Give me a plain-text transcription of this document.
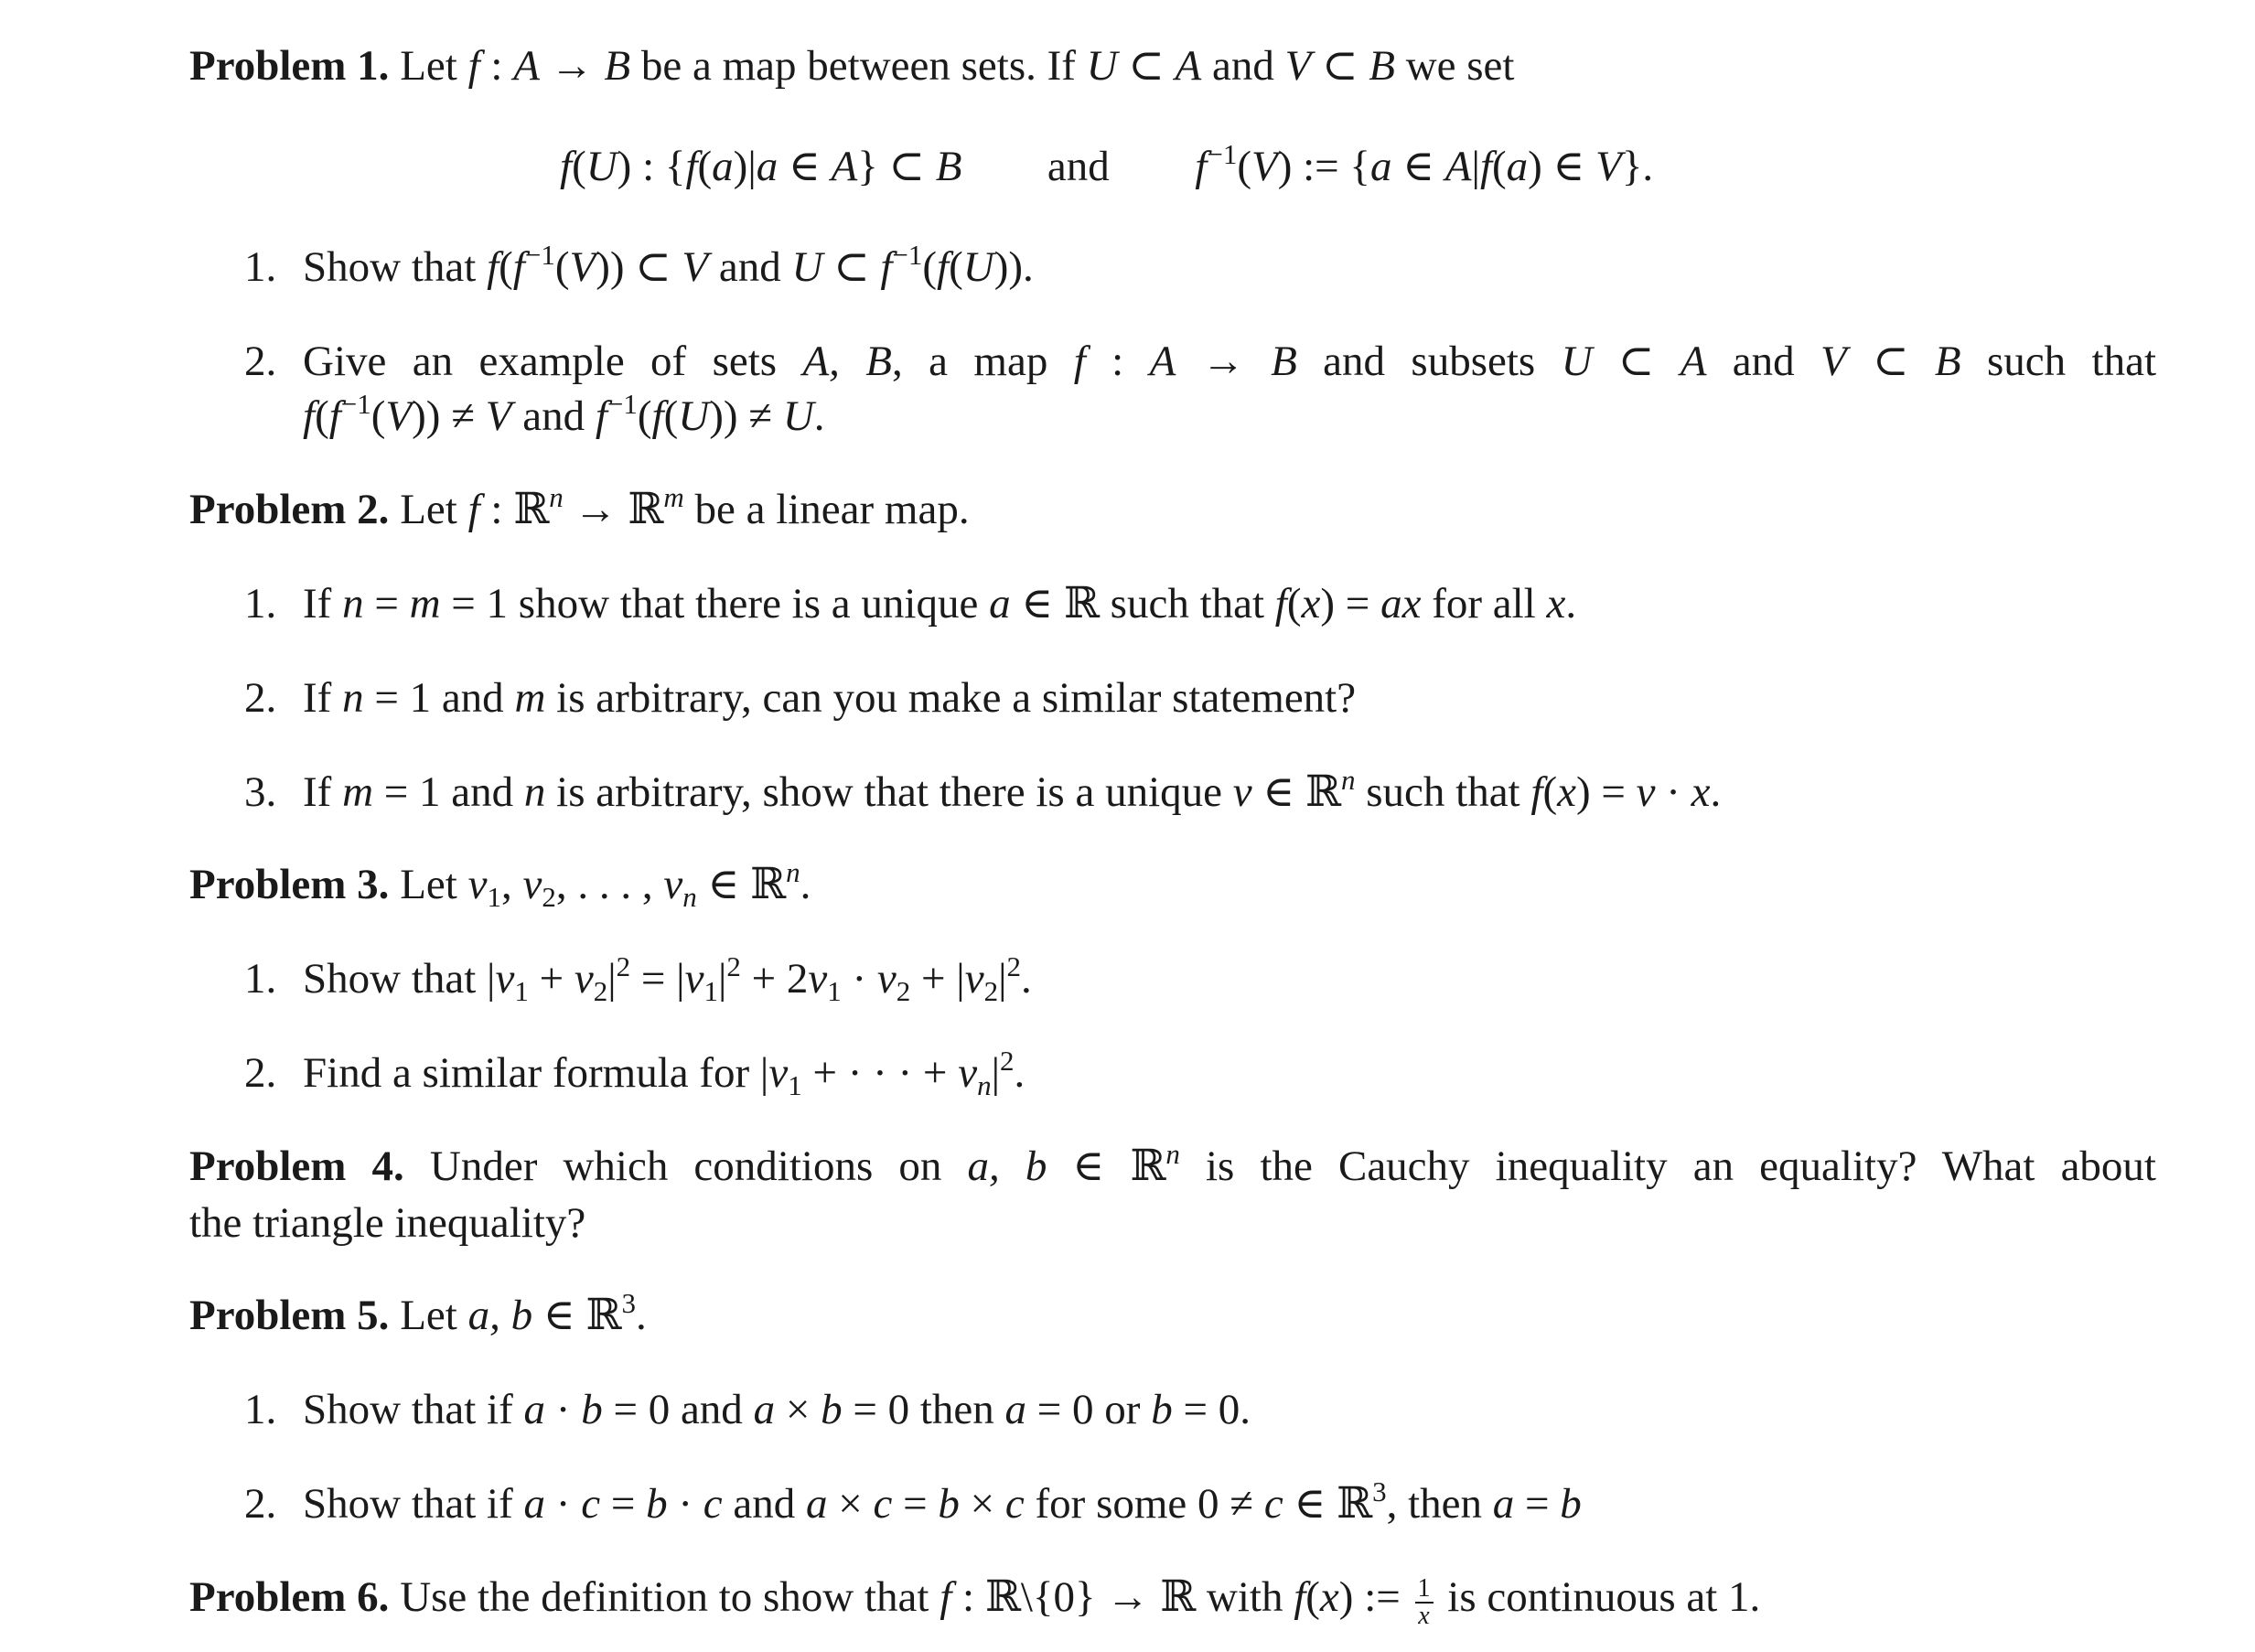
Problem 1. Let f : A → B be a map between sets. If U ⊂ A and V ⊂ B we set
f(U) : {f(a)|a ∈ A} ⊂ B and $f^{-1}(V)$ := {a ∈ A|f(a) ∈ V}.
1. Show that $f(f^{-1}(V))$ ⊂ V and U ⊂ $f^{-1}(f(U))$.
2. Give an example of sets A, B, a map f : A → B and subsets U ⊂ A and V ⊂ B such that
$f(f^{-1}(V)) \ne V$ and $f^{-1}(f(U)) \ne U$.
Problem 2. Let f : ℝ$^n$ → ℝ$^m$ be a linear map.
1. If n = m = 1 show that there is a unique a ∈ ℝ such that f(x) = ax for all x.
2. If n = 1 and m is arbitrary, can you make a similar statement?
3. If m = 1 and n is arbitrary, show that there is a unique v ∈ ℝ$^n$ such that f(x) = v · x.
Problem 3. Let $v_1$, $v_2$, . . . , $v_n$ ∈ ℝ$^n$.
1. Show that $|v_1 + v_2|^2 = |v_1|^2 + 2v_1 \cdot v_2 + |v_2|^2$.
2. Find a similar formula for $|v_1$ + · · · + $v_n|^2$.
Problem 4. Under which conditions on a, b ∈ ℝ$^n$ is the Cauchy inequality an equality? What about
the triangle inequality?
Problem 5. Let a, b ∈ ℝ$^3$.
1. Show that if a · b = 0 and a × b = 0 then a = 0 or b = 0.
2. Show that if a · c = b · c and a × c = b × c for some 0 ≠ c ∈ ℝ$^3$, then a = b
Problem 6. Use the definition to show that f : ℝ\{0} → ℝ with f(x) := $\frac{1}{x}$ is continuous at 1.
